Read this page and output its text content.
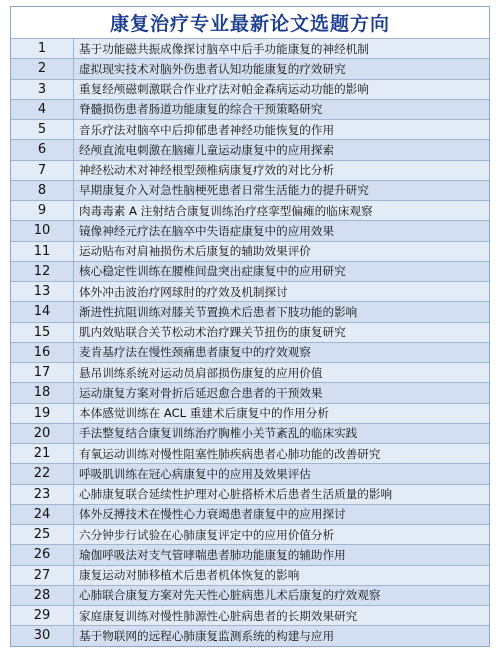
康复治疗专业最新论文选题方向
1	基于功能磁共振成像探讨脑卒中后手功能康复的神经机制
2	虚拟现实技术对脑外伤患者认知功能康复的疗效研究
3	重复经颅磁刺激联合作业疗法对帕金森病运动功能的影响
4	脊髓损伤患者肠道功能康复的综合干预策略研究
5	音乐疗法对脑卒中后抑郁患者神经功能恢复的作用
6	经颅直流电刺激在脑瘫儿童运动康复中的应用探索
7	神经松动术对神经根型颈椎病康复疗效的对比分析
8	早期康复介入对急性脑梗死患者日常生活能力的提升研究
9	肉毒毒素 A 注射结合康复训练治疗痉挛型偏瘫的临床观察
10	镜像神经元疗法在脑卒中失语症康复中的应用效果
11	运动贴布对肩袖损伤术后康复的辅助效果评价
12	核心稳定性训练在腰椎间盘突出症康复中的应用研究
13	体外冲击波治疗网球肘的疗效及机制探讨
14	渐进性抗阻训练对膝关节置换术后患者下肢功能的影响
15	肌内效贴联合关节松动术治疗踝关节扭伤的康复研究
16	麦肯基疗法在慢性颈痛患者康复中的疗效观察
17	悬吊训练系统对运动员肩部损伤康复的应用价值
18	运动康复方案对骨折后延迟愈合患者的干预效果
19	本体感觉训练在 ACL 重建术后康复中的作用分析
20	手法整复结合康复训练治疗胸椎小关节紊乱的临床实践
21	有氧运动训练对慢性阻塞性肺疾病患者心肺功能的改善研究
22	呼吸肌训练在冠心病康复中的应用及效果评估
23	心肺康复联合延续性护理对心脏搭桥术后患者生活质量的影响
24	体外反搏技术在慢性心力衰竭患者康复中的应用探讨
25	六分钟步行试验在心肺康复评定中的应用价值分析
26	瑜伽呼吸法对支气管哮喘患者肺功能康复的辅助作用
27	康复运动对肺移植术后患者机体恢复的影响
28	心肺联合康复方案对先天性心脏病患儿术后康复的疗效观察
29	家庭康复训练对慢性肺源性心脏病患者的长期效果研究
30	基于物联网的远程心肺康复监测系统的构建与应用
